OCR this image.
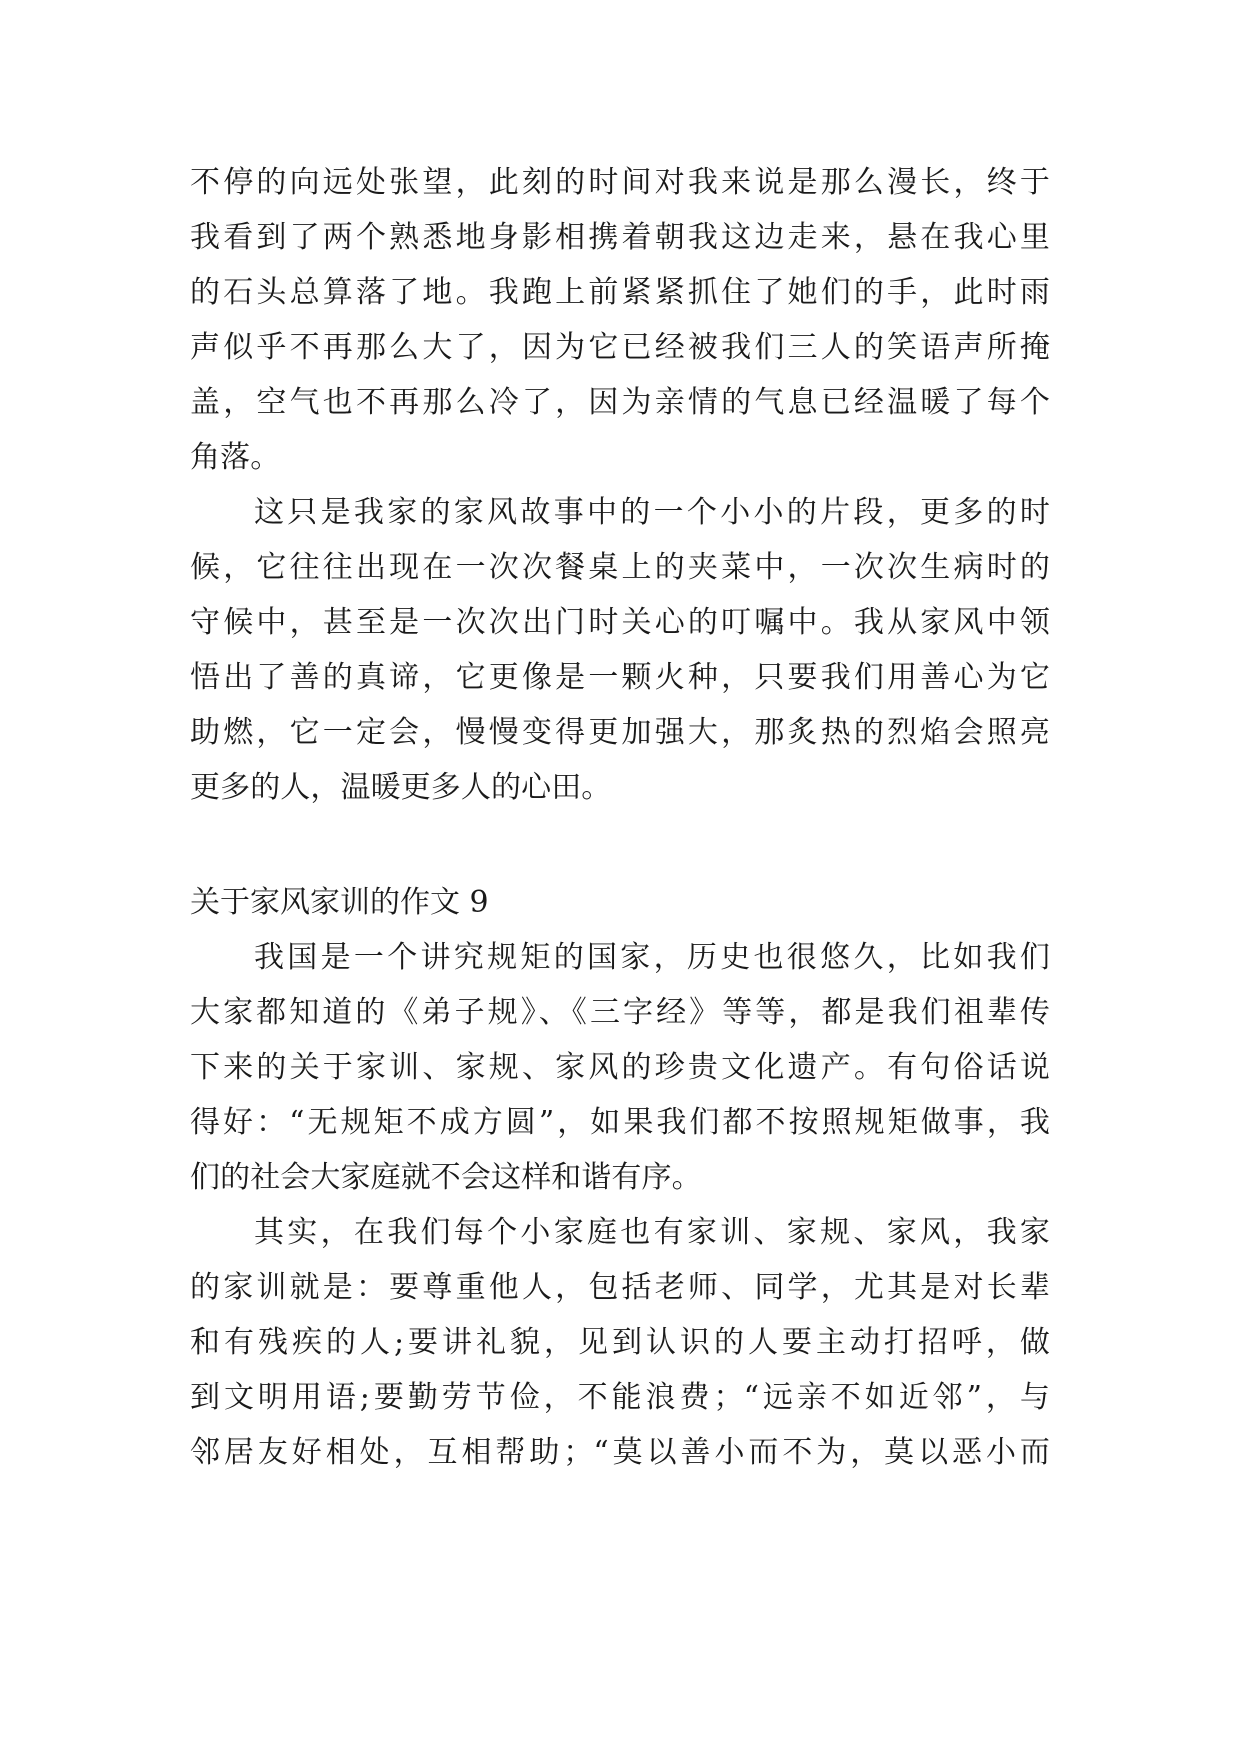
不停的向远处张望，此刻的时间对我来说是那么漫长，终于
我看到了两个熟悉地身影相携着朝我这边走来，悬在我心里
的石头总算落了地。我跑上前紧紧抓住了她们的手，此时雨
声似乎不再那么大了，因为它已经被我们三人的笑语声所掩
盖，空气也不再那么冷了，因为亲情的气息已经温暖了每个
角落。
这只是我家的家风故事中的一个小小的片段，更多的时
候，它往往出现在一次次餐桌上的夹菜中，一次次生病时的
守候中，甚至是一次次出门时关心的叮嘱中。我从家风中领
悟出了善的真谛，它更像是一颗火种，只要我们用善心为它
助燃，它一定会，慢慢变得更加强大，那炙热的烈焰会照亮
更多的人，温暖更多人的心田。
关于家风家训的作文 9
我国是一个讲究规矩的国家，历史也很悠久，比如我们
大家都知道的《弟子规》、《三字经》等等，都是我们祖辈传
下来的关于家训、家规、家风的珍贵文化遗产。有句俗话说
得好：“无规矩不成方圆”，如果我们都不按照规矩做事，我
们的社会大家庭就不会这样和谐有序。
其实，在我们每个小家庭也有家训、家规、家风，我家
的家训就是：要尊重他人，包括老师、同学，尤其是对长辈
和有残疾的人;要讲礼貌，见到认识的人要主动打招呼，做
到文明用语;要勤劳节俭，不能浪费；“远亲不如近邻”，与
邻居友好相处，互相帮助；“莫以善小而不为，莫以恶小而
